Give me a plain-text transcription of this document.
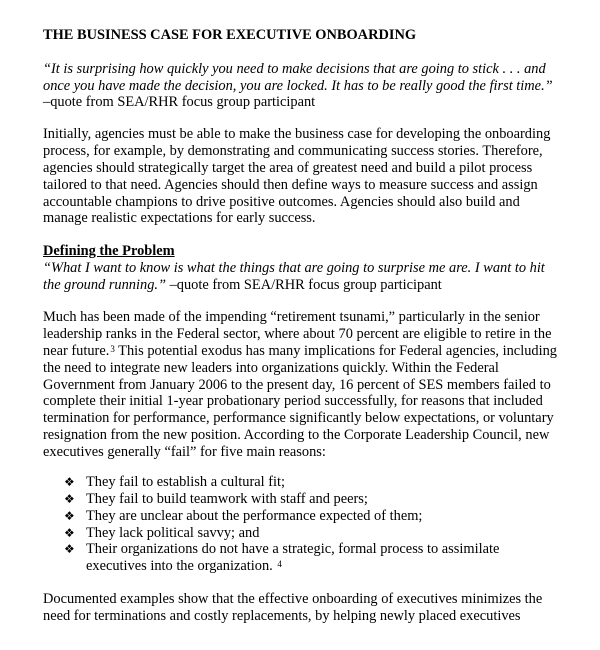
THE BUSINESS CASE FOR EXECUTIVE ONBOARDING
“It is surprising how quickly you need to make decisions that are going to stick . . . and
once you have made the decision, you are locked. It has to be really good the first time.”
–quote from SEA/RHR focus group participant
Initially, agencies must be able to make the business case for developing the onboarding
process, for example, by demonstrating and communicating success stories. Therefore,
agencies should strategically target the area of greatest need and build a pilot process
tailored to that need. Agencies should then define ways to measure success and assign
accountable champions to drive positive outcomes. Agencies should also build and
manage realistic expectations for early success.
Defining the Problem
“What I want to know is what the things that are going to surprise me are. I want to hit
the ground running.” –quote from SEA/RHR focus group participant
Much has been made of the impending “retirement tsunami,” particularly in the senior
leadership ranks in the Federal sector, where about 70 percent are eligible to retire in the
near future.$^3$ This potential exodus has many implications for Federal agencies, including
the need to integrate new leaders into organizations quickly. Within the Federal
Government from January 2006 to the present day, 16 percent of SES members failed to
complete their initial 1-year probationary period successfully, for reasons that included
termination for performance, performance significantly below expectations, or voluntary
resignation from the new position. According to the Corporate Leadership Council, new
executives generally “fail” for five main reasons:
❖ They fail to establish a cultural fit;
❖ They fail to build teamwork with staff and peers;
❖ They are unclear about the performance expected of them;
❖ They lack political savvy; and
❖ Their organizations do not have a strategic, formal process to assimilate
executives into the organization. $^4$
Documented examples show that the effective onboarding of executives minimizes the
need for terminations and costly replacements, by helping newly placed executives
